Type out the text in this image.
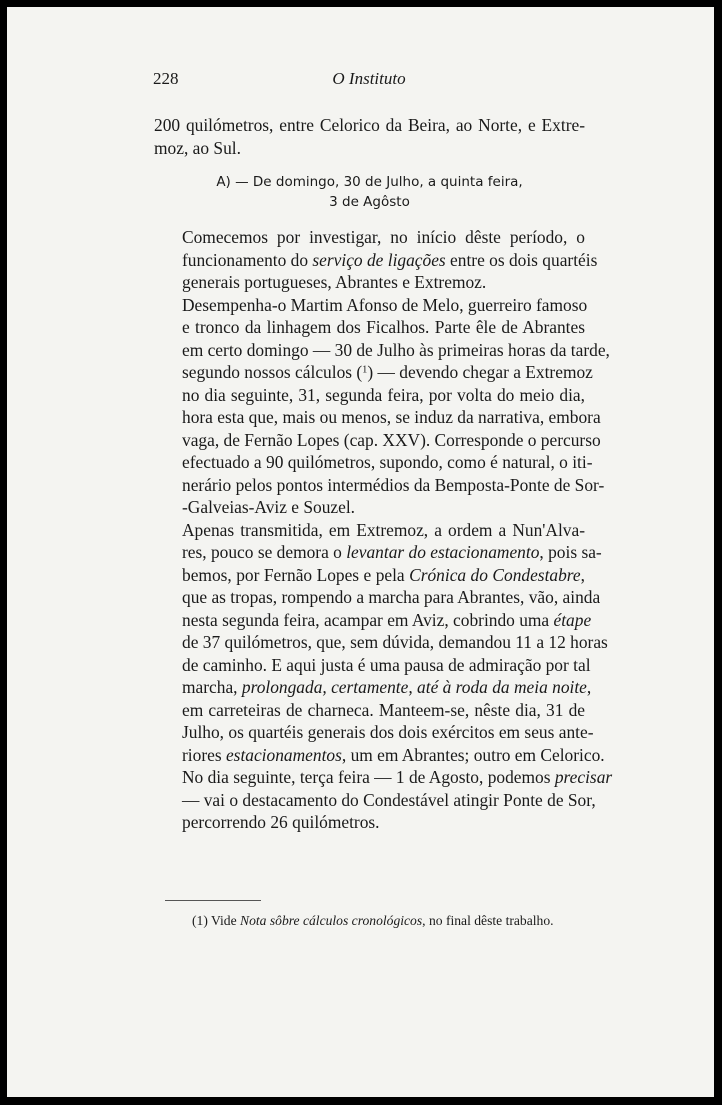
228	O Instituto

200 quilómetros, entre Celorico da Beira, ao Norte, e Extre-
moz, ao Sul.

A) — De domingo, 30 de Julho, a quinta feira,
3 de Agôsto

Comecemos por investigar, no início dêste período, o
funcionamento do serviço de ligações entre os dois quartéis
generais portugueses, Abrantes e Extremoz.

Desempenha-o Martim Afonso de Melo, guerreiro famoso
e tronco da linhagem dos Ficalhos. Parte êle de Abrantes
em certo domingo — 30 de Julho às primeiras horas da tarde,
segundo nossos cálculos ($^1$) — devendo chegar a Extremoz
no dia seguinte, 31, segunda feira, por volta do meio dia,
hora esta que, mais ou menos, se induz da narrativa, embora
vaga, de Fernão Lopes (cap. XXV). Corresponde o percurso
efectuado a 90 quilómetros, supondo, como é natural, o iti-
nerário pelos pontos intermédios da Bemposta-Ponte de Sor-
-Galveias-Aviz e Souzel.

Apenas transmitida, em Extremoz, a ordem a Nun'Alva-
res, pouco se demora o levantar do estacionamento, pois sa-
bemos, por Fernão Lopes e pela Crónica do Condestabre,
que as tropas, rompendo a marcha para Abrantes, vão, ainda
nesta segunda feira, acampar em Aviz, cobrindo uma étape
de 37 quilómetros, que, sem dúvida, demandou 11 a 12 horas
de caminho. E aqui justa é uma pausa de admiração por tal
marcha, prolongada, certamente, até à roda da meia noite,
em carreteiras de charneca. Manteem-se, nêste dia, 31 de
Julho, os quartéis generais dos dois exércitos em seus ante-
riores estacionamentos, um em Abrantes; outro em Celorico.
No dia seguinte, terça feira — 1 de Agosto, podemos precisar
— vai o destacamento do Condestável atingir Ponte de Sor,
percorrendo 26 quilómetros.

(1) Vide Nota sôbre cálculos cronológicos, no final dêste trabalho.
